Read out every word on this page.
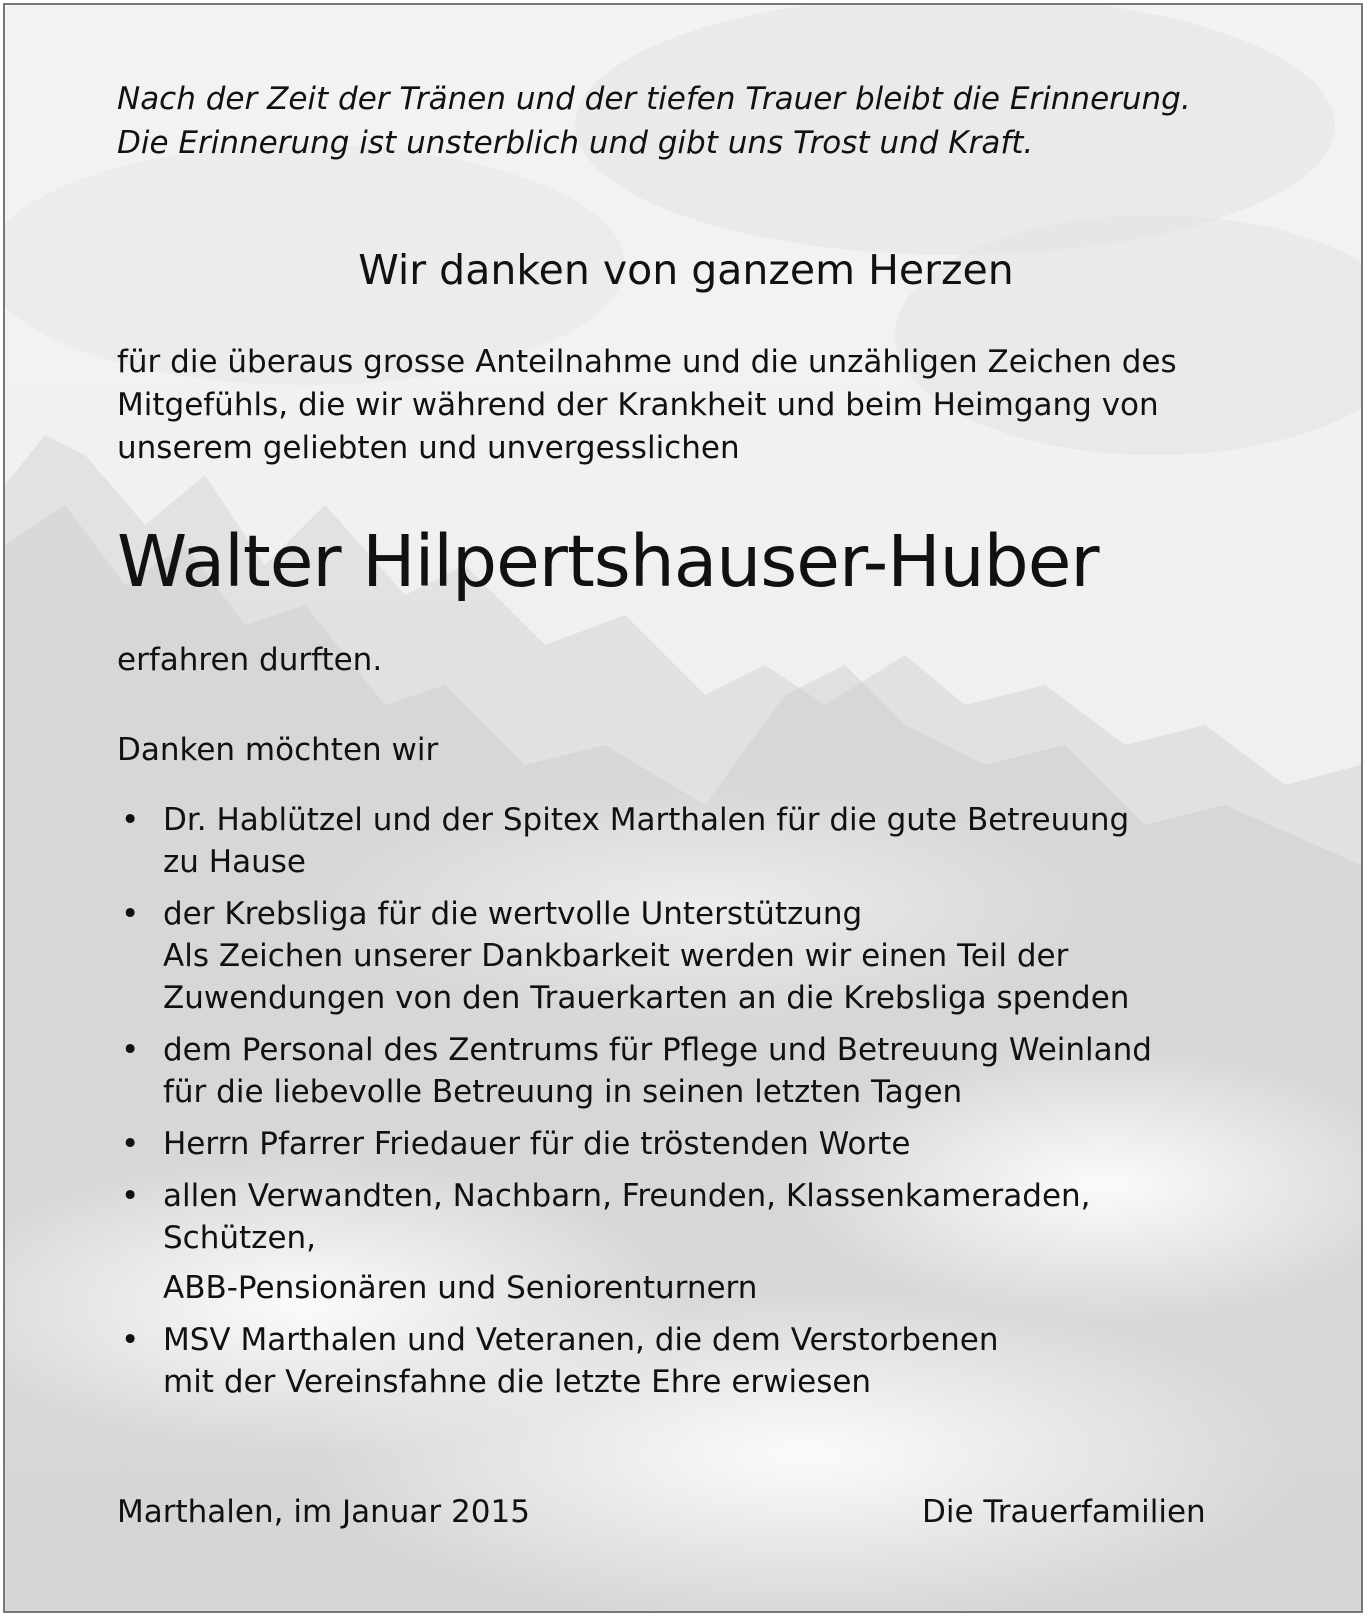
Nach der Zeit der Tränen und der tiefen Trauer bleibt die Erinnerung.
Die Erinnerung ist unsterblich und gibt uns Trost und Kraft.

Wir danken von ganzem Herzen

für die überaus grosse Anteilnahme und die unzähligen Zeichen des
Mitgefühls, die wir während der Krankheit und beim Heimgang von
unserem geliebten und unvergesslichen

Walter Hilpertshauser-Huber

erfahren durften.

Danken möchten wir

• Dr. Hablützel und der Spitex Marthalen für die gute Betreuung
zu Hause
• der Krebsliga für die wertvolle Unterstützung
Als Zeichen unserer Dankbarkeit werden wir einen Teil der
Zuwendungen von den Trauerkarten an die Krebsliga spenden
• dem Personal des Zentrums für Pflege und Betreuung Weinland
für die liebevolle Betreuung in seinen letzten Tagen
• Herrn Pfarrer Friedauer für die tröstenden Worte
• allen Verwandten, Nachbarn, Freunden, Klassenkameraden,
Schützen,
ABB-Pensionären und Seniorenturnern
• MSV Marthalen und Veteranen, die dem Verstorbenen
mit der Vereinsfahne die letzte Ehre erwiesen
Marthalen, im Januar 2015	Die Trauerfamilien
